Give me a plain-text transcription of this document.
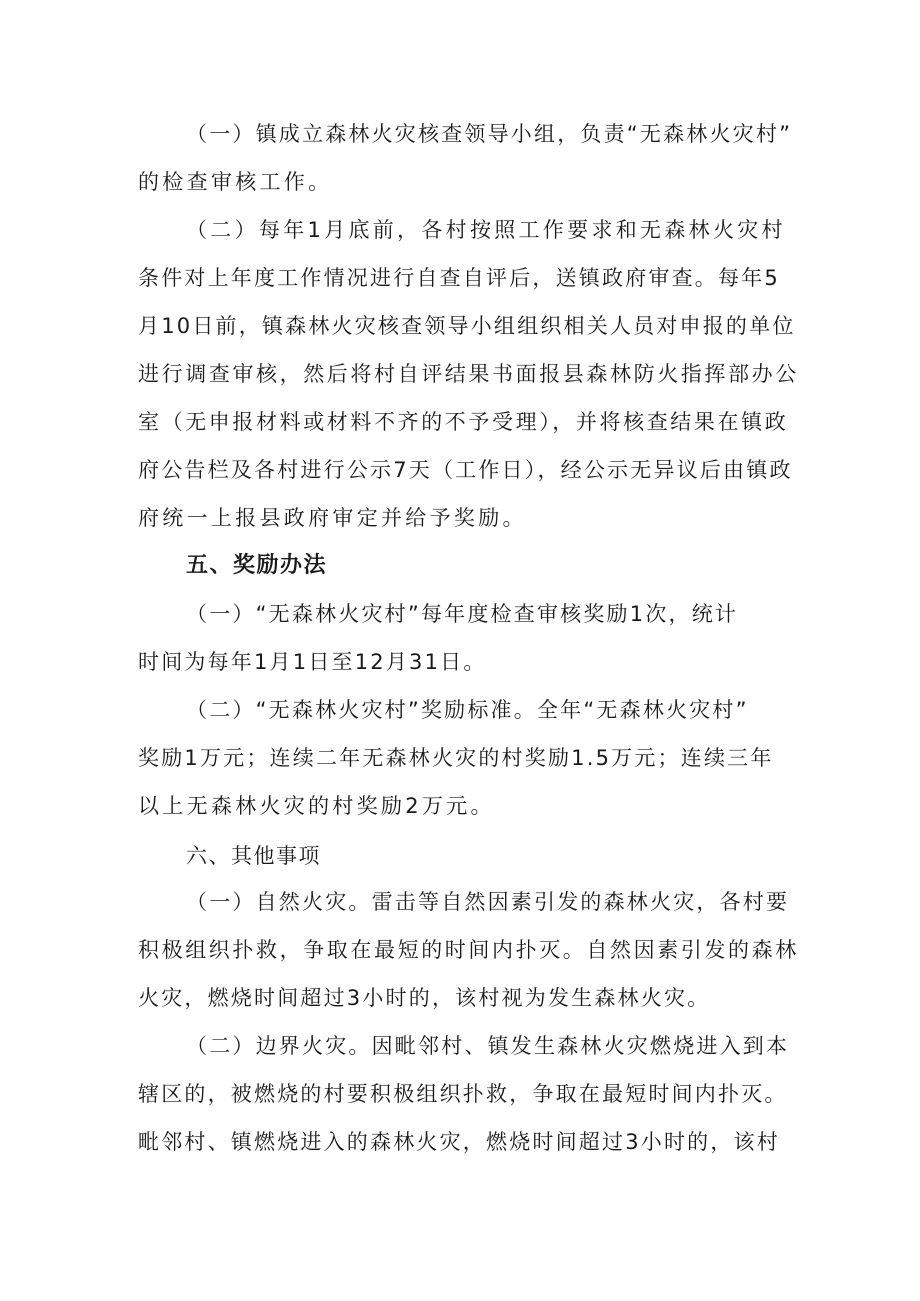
（一）镇成立森林火灾核查领导小组，负责“无森林火灾村”
的检查审核工作。
（二）每年1月底前，各村按照工作要求和无森林火灾村
条件对上年度工作情况进行自查自评后，送镇政府审查。每年5
月10日前，镇森林火灾核查领导小组组织相关人员对申报的单位
进行调查审核，然后将村自评结果书面报县森林防火指挥部办公
室（无申报材料或材料不齐的不予受理），并将核查结果在镇政
府公告栏及各村进行公示7天（工作日），经公示无异议后由镇政
府统一上报县政府审定并给予奖励。
五、奖励办法
（一）“无森林火灾村”每年度检查审核奖励1次，统计
时间为每年1月1日至12月31日。
（二）“无森林火灾村”奖励标准。全年“无森林火灾村”
奖励1万元；连续二年无森林火灾的村奖励1.5万元；连续三年
以上无森林火灾的村奖励2万元。
六、其他事项
（一）自然火灾。雷击等自然因素引发的森林火灾，各村要
积极组织扑救，争取在最短的时间内扑灭。自然因素引发的森林
火灾，燃烧时间超过3小时的，该村视为发生森林火灾。
（二）边界火灾。因毗邻村、镇发生森林火灾燃烧进入到本
辖区的，被燃烧的村要积极组织扑救，争取在最短时间内扑灭。
毗邻村、镇燃烧进入的森林火灾，燃烧时间超过3小时的，该村
